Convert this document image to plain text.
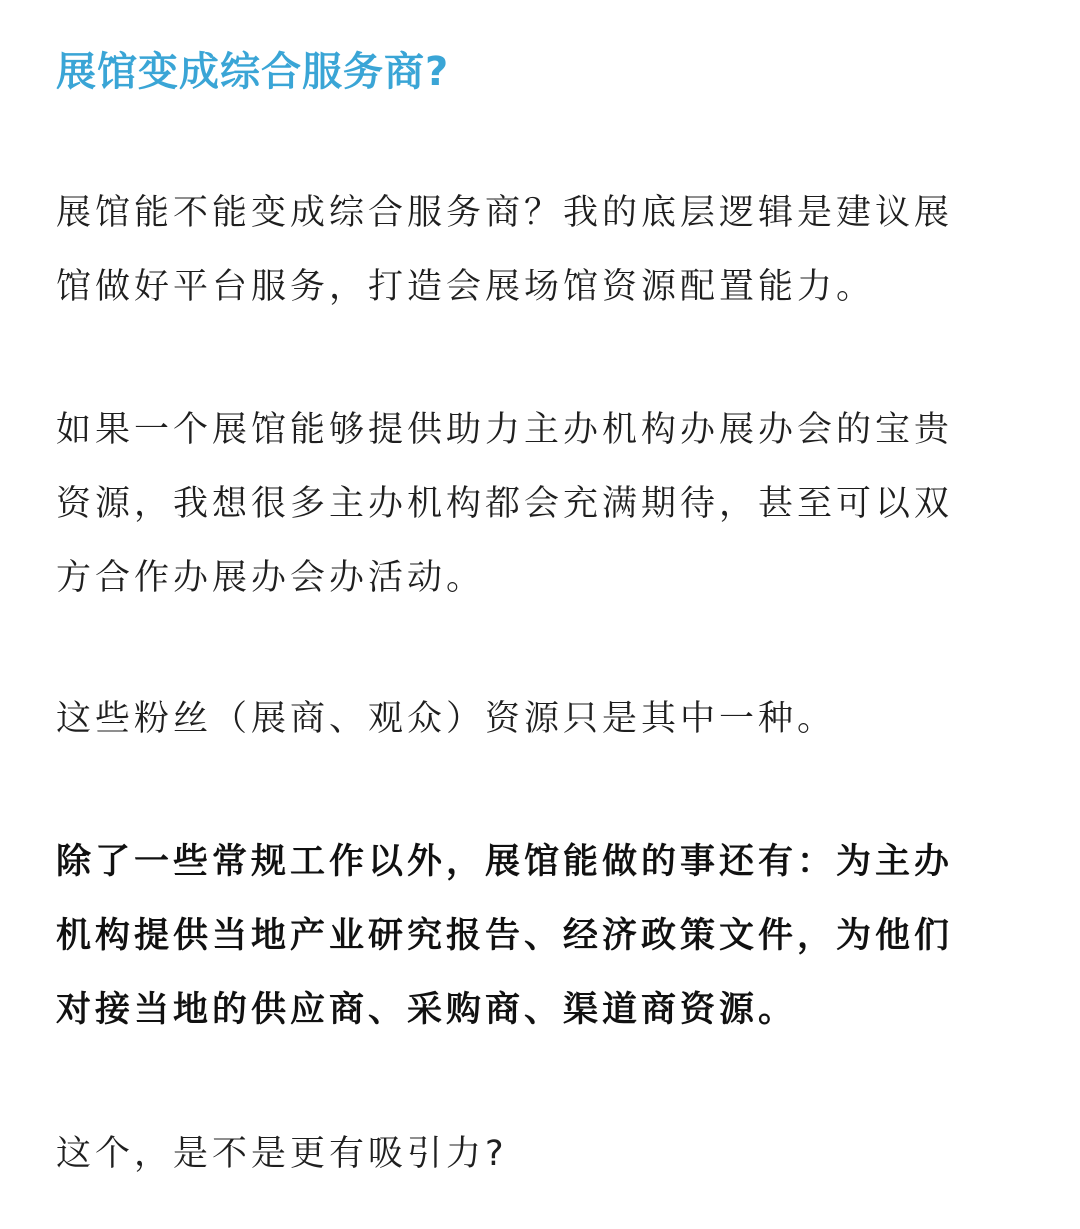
展馆变成综合服务商?

展馆能不能变成综合服务商？我的底层逻辑是建议展
馆做好平台服务，打造会展场馆资源配置能力。

如果一个展馆能够提供助力主办机构办展办会的宝贵
资源，我想很多主办机构都会充满期待，甚至可以双
方合作办展办会办活动。

这些粉丝（展商、观众）资源只是其中一种。

除了一些常规工作以外，展馆能做的事还有：为主办
机构提供当地产业研究报告、经济政策文件，为他们
对接当地的供应商、采购商、渠道商资源。

这个，是不是更有吸引力?
